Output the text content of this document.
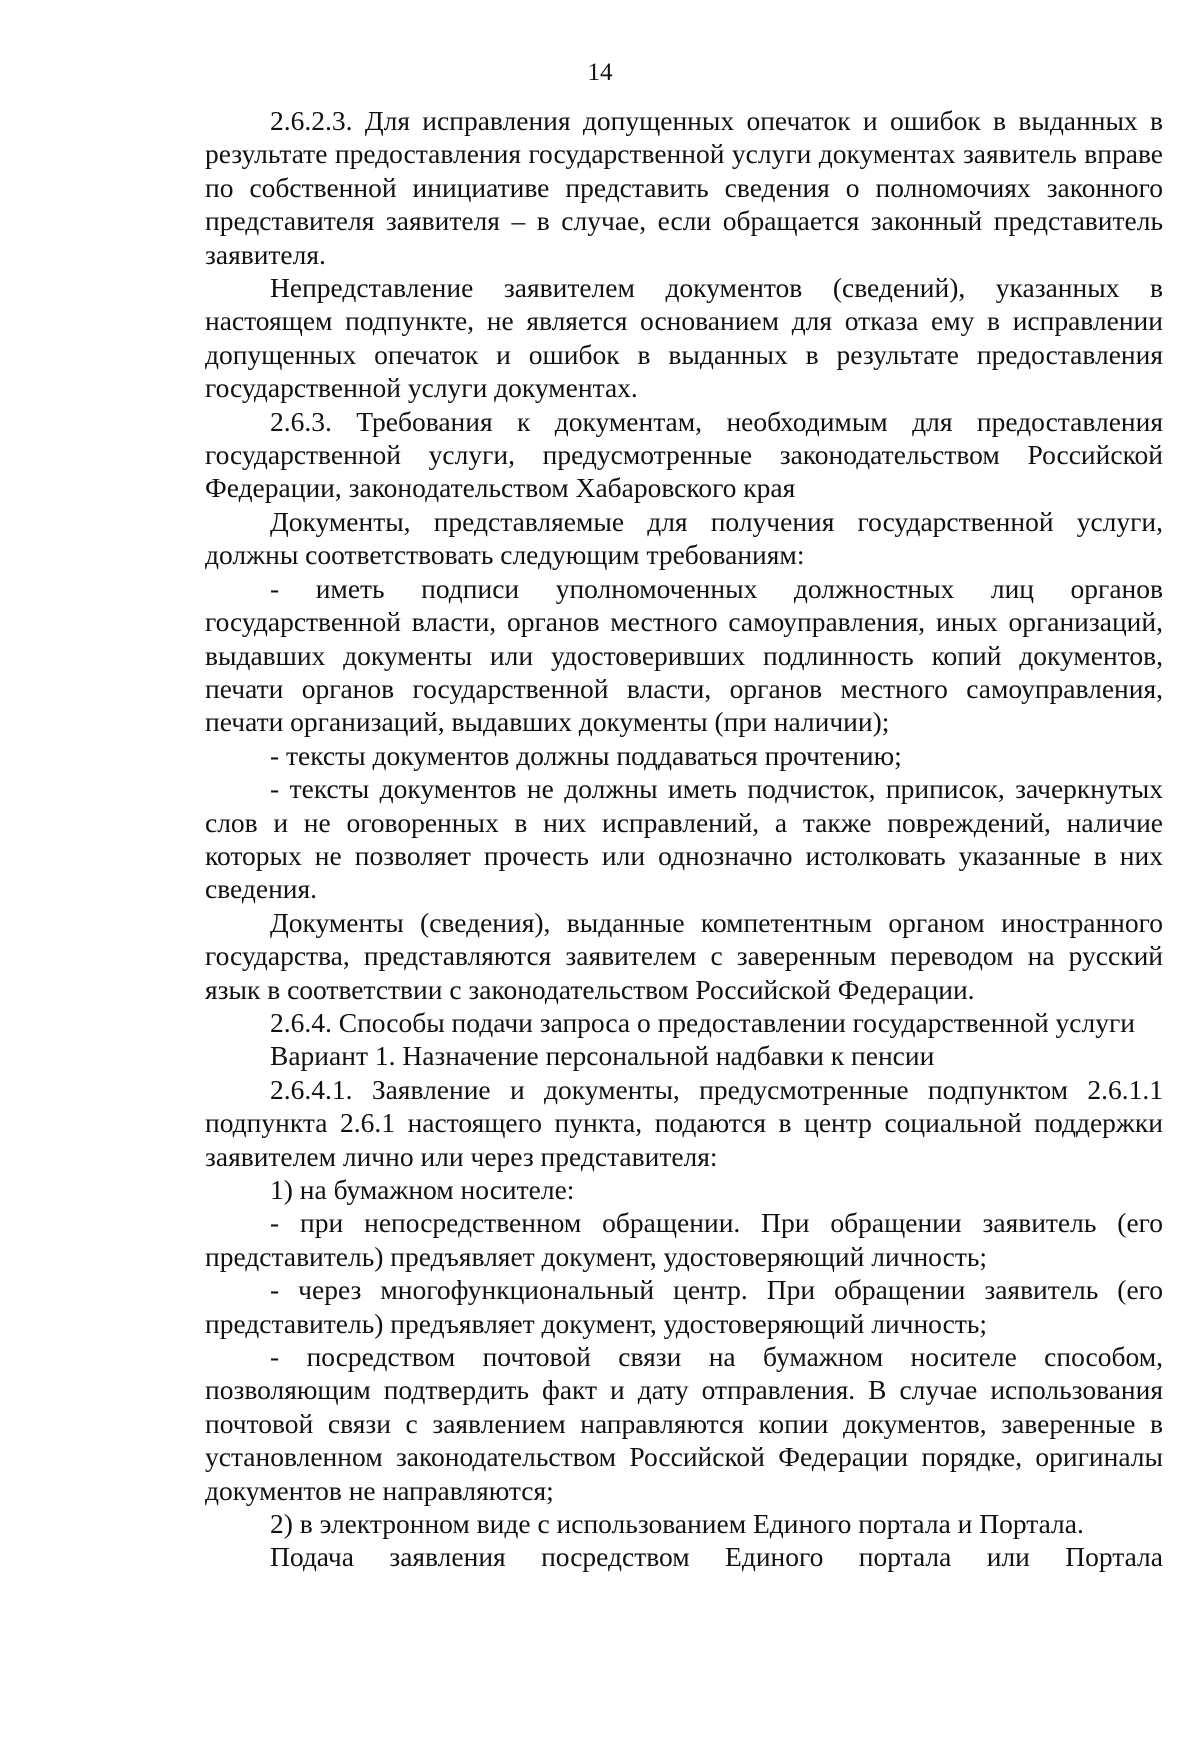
14

2.6.2.3. Для исправления допущенных опечаток и ошибок в выданных в результате предоставления государственной услуги документах заявитель вправе по собственной инициативе представить сведения о полномочиях законного представителя заявителя – в случае, если обращается законный представитель заявителя.

Непредставление заявителем документов (сведений), указанных в настоящем подпункте, не является основанием для отказа ему в исправлении допущенных опечаток и ошибок в выданных в результате предоставления государственной услуги документах.

2.6.3. Требования к документам, необходимым для предоставления государственной услуги, предусмотренные законодательством Российской Федерации, законодательством Хабаровского края

Документы, представляемые для получения государственной услуги, должны соответствовать следующим требованиям:

- иметь подписи уполномоченных должностных лиц органов государственной власти, органов местного самоуправления, иных организаций, выдавших документы или удостоверивших подлинность копий документов, печати органов государственной власти, органов местного самоуправления, печати организаций, выдавших документы (при наличии);

- тексты документов должны поддаваться прочтению;

- тексты документов не должны иметь подчисток, приписок, зачеркнутых слов и не оговоренных в них исправлений, а также повреждений, наличие которых не позволяет прочесть или однозначно истолковать указанные в них сведения.

Документы (сведения), выданные компетентным органом иностранного государства, представляются заявителем с заверенным переводом на русский язык в соответствии с законодательством Российской Федерации.

2.6.4. Способы подачи запроса о предоставлении государственной услуги

Вариант 1. Назначение персональной надбавки к пенсии

2.6.4.1. Заявление и документы, предусмотренные подпунктом 2.6.1.1 подпункта 2.6.1 настоящего пункта, подаются в центр социальной поддержки заявителем лично или через представителя:

1) на бумажном носителе:

- при непосредственном обращении. При обращении заявитель (его представитель) предъявляет документ, удостоверяющий личность;

- через многофункциональный центр. При обращении заявитель (его представитель) предъявляет документ, удостоверяющий личность;

- посредством почтовой связи на бумажном носителе способом, позволяющим подтвердить факт и дату отправления. В случае использования почтовой связи с заявлением направляются копии документов, заверенные в установленном законодательством Российской Федерации порядке, оригиналы документов не направляются;

2) в электронном виде с использованием Единого портала и Портала.

Подача заявления посредством Единого портала или Портала
